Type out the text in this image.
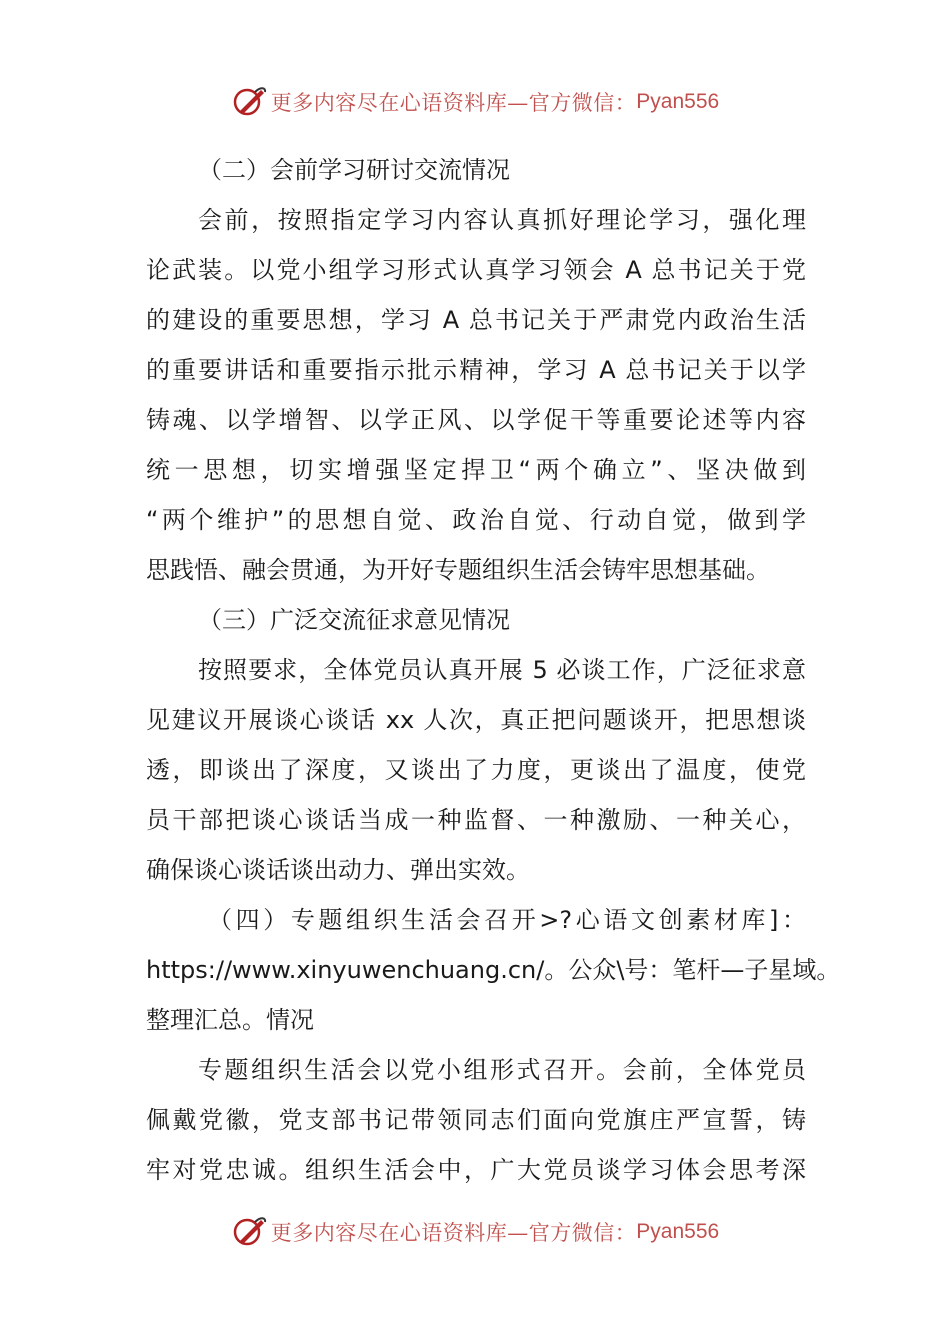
更多内容尽在心语资料库—官方微信： Pyan556
（二）会前学习研讨交流情况
会前，按照指定学习内容认真抓好理论学习，强化理
论武装。以党小组学习形式认真学习领会 A 总书记关于党
的建设的重要思想，学习 A 总书记关于严肃党内政治生活
的重要讲话和重要指示批示精神，学习 A 总书记关于以学
铸魂、以学增智、以学正风、以学促干等重要论述等内容
统一思想，切实增强坚定捍卫“两个确立”、坚决做到
“两个维护”的思想自觉、政治自觉、行动自觉，做到学
思践悟、融会贯通，为开好专题组织生活会铸牢思想基础。
（三）广泛交流征求意见情况
按照要求，全体党员认真开展 5 必谈工作，广泛征求意
见建议开展谈心谈话 xx 人次，真正把问题谈开，把思想谈
透，即谈出了深度，又谈出了力度，更谈出了温度，使党
员干部把谈心谈话当成一种监督、一种激励、一种关心，
确保谈心谈话谈出动力、弹出实效。
（四）专题组织生活会召开>?心语文创素材库]：
https://www.xinyuwenchuang.cn/。公众\号：笔杆—子星域。
整理汇总。情况
专题组织生活会以党小组形式召开。会前，全体党员
佩戴党徽，党支部书记带领同志们面向党旗庄严宣誓，铸
牢对党忠诚。组织生活会中，广大党员谈学习体会思考深
更多内容尽在心语资料库—官方微信： Pyan556
